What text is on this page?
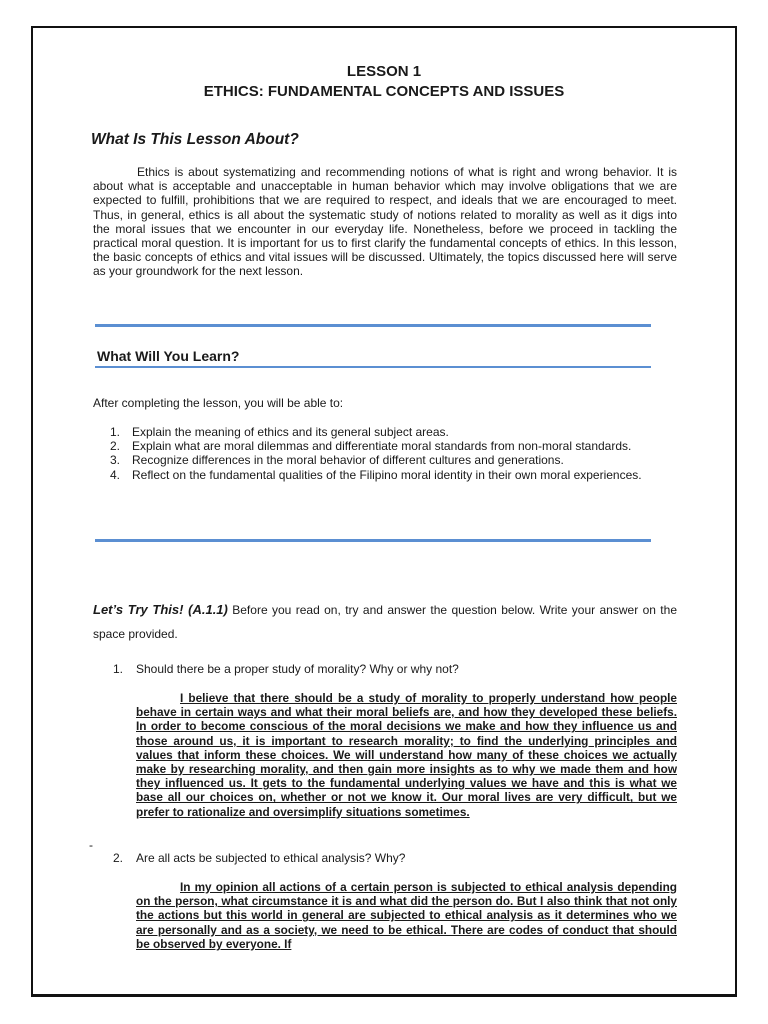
LESSON 1

ETHICS: FUNDAMENTAL CONCEPTS AND ISSUES

What Is This Lesson About?

Ethics is about systematizing and recommending notions of what is right and wrong behavior. It is about what is acceptable and unacceptable in human behavior which may involve obligations that we are expected to fulfill, prohibitions that we are required to respect, and ideals that we are encouraged to meet. Thus, in general, ethics is all about the systematic study of notions related to morality as well as it digs into the moral issues that we encounter in our everyday life. Nonetheless, before we proceed in tackling the practical moral question. It is important for us to first clarify the fundamental concepts of ethics. In this lesson, the basic concepts of ethics and vital issues will be discussed. Ultimately, the topics discussed here will serve as your groundwork for the next lesson.

What Will You Learn?

After completing the lesson, you will be able to:

1. Explain the meaning of ethics and its general subject areas.
2. Explain what are moral dilemmas and differentiate moral standards from non-moral standards.
3. Recognize differences in the moral behavior of different cultures and generations.
4. Reflect on the fundamental qualities of the Filipino moral identity in their own moral experiences.

Let’s Try This! (A.1.1) Before you read on, try and answer the question below. Write your answer on the space provided.

1. Should there be a proper study of morality? Why or why not?

I believe that there should be a study of morality to properly understand how people behave in certain ways and what their moral beliefs are, and how they developed these beliefs. In order to become conscious of the moral decisions we make and how they influence us and those around us, it is important to research morality; to find the underlying principles and values that inform these choices. We will understand how many of these choices we actually make by researching morality, and then gain more insights as to why we made them and how they influenced us. It gets to the fundamental underlying values we have and this is what we base all our choices on, whether or not we know it. Our moral lives are very difficult, but we prefer to rationalize and oversimplify situations sometimes.

-

2. Are all acts be subjected to ethical analysis? Why?

In my opinion all actions of a certain person is subjected to ethical analysis depending on the person, what circumstance it is and what did the person do. But I also think that not only the actions but this world in general are subjected to ethical analysis as it determines who we are personally and as a society, we need to be ethical. There are codes of conduct that should be observed by everyone. If
